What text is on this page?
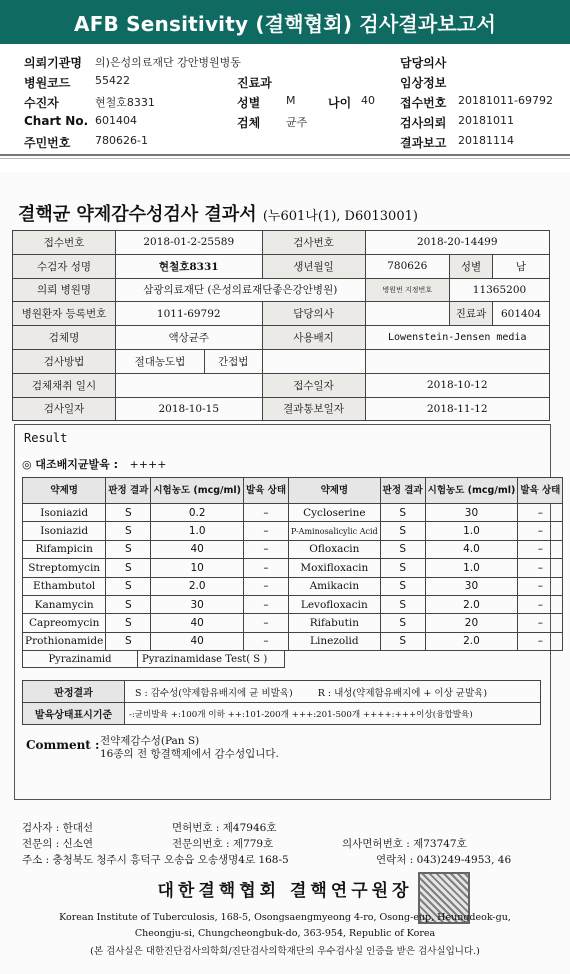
AFB Sensitivity (결핵협회) 검사결과보고서
의뢰기관명 의)은성의료재단 강안병원병동	담당의사
병원코드 55422	진료과	임상정보
수진자	현철호8331	성별 M	나이 40 접수번호 20181011-69792
Chart No. 601404	검체 균주	검사의뢰 20181011
주민번호 780626-1	결과보고 20181114
결핵균 약제감수성검사 결과서 (누601나(1), D6013001)
접수번호	2018-01-2-25589		검사번호	2018-20-14499		
수검자 성명	현철호8331		생년월일	780626	성별	남
의뢰 병원명	삼광의료재단 (은성의료재단좋은강안병원)			병원번 지정번호	11365200	
병원환자 등록번호	1011-69792		담당의사		진료과	601404
검체명	액상균주		사용배지	Lowenstein-Jensen media		
검사방법	절대농도법	간접법				
검체채취 일시			접수일자	2018-10-12		
검사일자	2018-10-15		결과통보일자	2018-11-12		
Result
◎ 대조배지균발육 : ++++
약제명	판정 결과	시험농도 (mcg/ml)	발육 상태	약제명	판정 결과	시험농도 (mcg/ml)	발육 상태
Isoniazid	S	0.2	–	Cycloserine	S	30	–
Isoniazid	S	1.0	–	P-Aminosalicylic Acid	S	1.0	–
Rifampicin	S	40	–	Ofloxacin	S	4.0	–
Streptomycin	S	10	–	Moxifloxacin	S	1.0	–
Ethambutol	S	2.0	–	Amikacin	S	30	–
Kanamycin	S	30	–	Levofloxacin	S	2.0	–
Capreomycin	S	40	–	Rifabutin	S	20	–
Prothionamide	S	40	–	Linezolid	S	2.0	–
Pyrazinamid	Pyrazinamidase Test( S )
판정결과	S : 감수성(약제함유배지에 균 비발육) R : 내성(약제함유배지에 + 이상 균발육)
발육상태표시기준	-:균비발육 +:100개 이하 ++:101-200개 +++:201-500개 ++++:+++이상(융합발육)
Comment : 전약제감수성(Pan S)
16종의 전 항결핵제에서 감수성입니다.
검사자 : 한대선	면허번호 : 제47946호
전문의 : 신소연	전문의번호 : 제779호	의사면허번호 : 제73747호
주소 : 충청북도 청주시 흥덕구 오송읍 오송생명4로 168-5	연락처 : 043)249-4953, 46
대한결핵협회 결핵연구원장
Korean Institute of Tuberculosis, 168-5, Osongsaengmyeong 4-ro, Osong-eup, Heungdeok-gu,
Cheongju-si, Chungcheongbuk-do, 363-954, Republic of Korea
(본 검사실은 대한진단검사의학회/진단검사의학재단의 우수검사실 인증을 받은 검사실입니다.)
